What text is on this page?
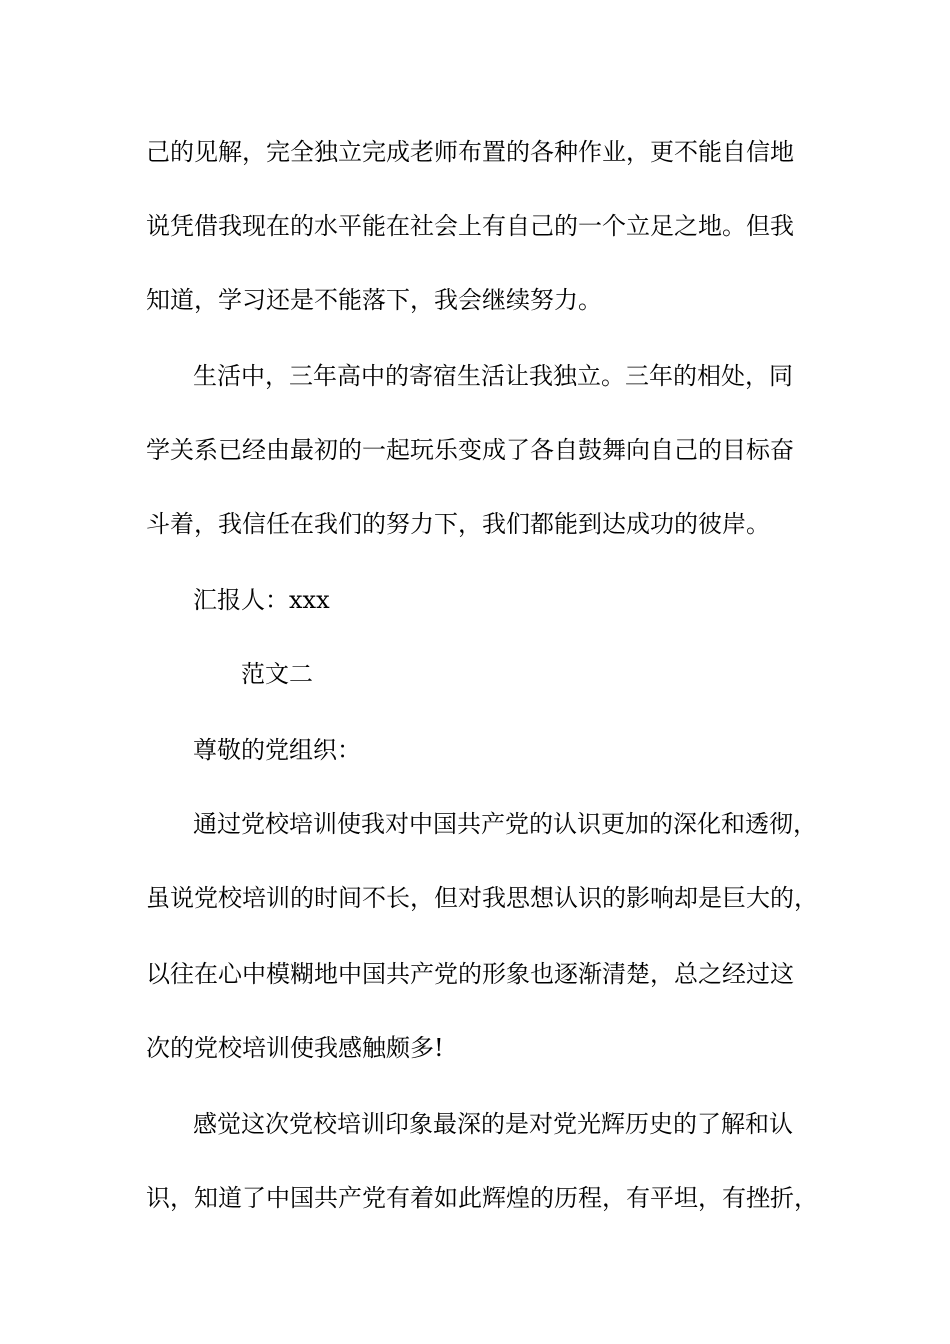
己的见解，完全独立完成老师布置的各种作业，更不能自信地
说凭借我现在的水平能在社会上有自己的一个立足之地。但我
知道，学习还是不能落下，我会继续努力。
生活中，三年高中的寄宿生活让我独立。三年的相处，同
学关系已经由最初的一起玩乐变成了各自鼓舞向自己的目标奋
斗着，我信任在我们的努力下，我们都能到达成功的彼岸。
汇报人：xxx
范文二
尊敬的党组织：
通过党校培训使我对中国共产党的认识更加的深化和透彻，
虽说党校培训的时间不长，但对我思想认识的影响却是巨大的，
以往在心中模糊地中国共产党的形象也逐渐清楚，总之经过这
次的党校培训使我感触颇多!
感觉这次党校培训印象最深的是对党光辉历史的了解和认
识，知道了中国共产党有着如此辉煌的历程，有平坦，有挫折，
